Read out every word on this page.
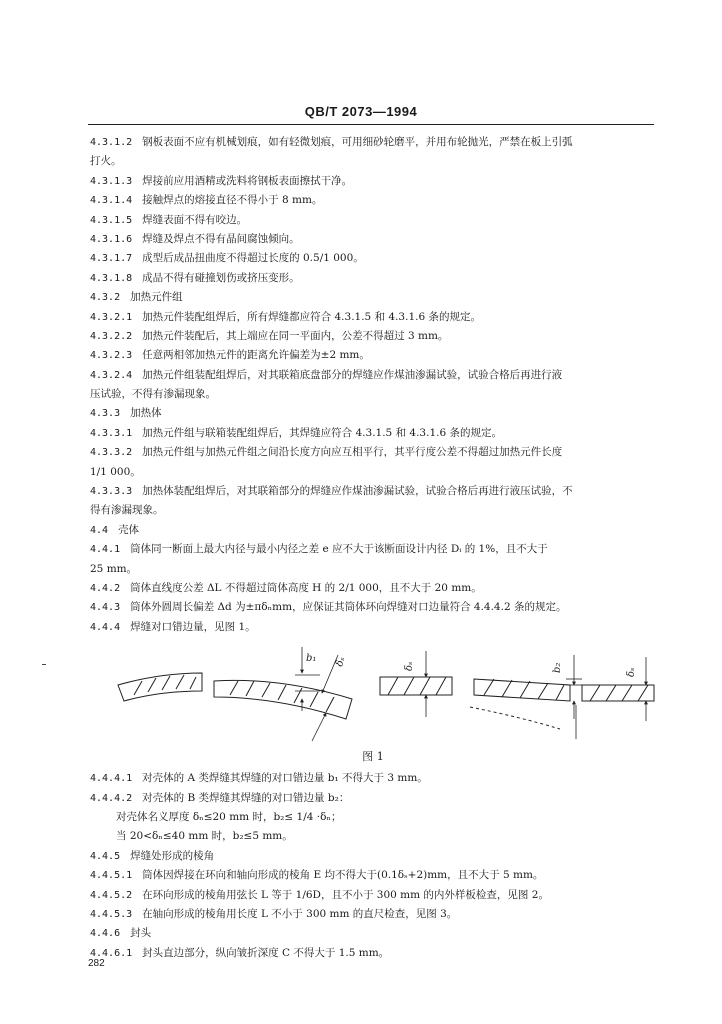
QB/T 2073—1994
4.3.1.2 钢板表面不应有机械划痕，如有轻微划痕，可用细砂轮磨平，并用布轮抛光，严禁在板上引弧
打火。
4.3.1.3 焊接前应用酒精或洗料将钢板表面擦拭干净。
4.3.1.4 接触焊点的熔接直径不得小于 8 mm。
4.3.1.5 焊缝表面不得有咬边。
4.3.1.6 焊缝及焊点不得有晶间腐蚀倾向。
4.3.1.7 成型后成品扭曲度不得超过长度的 0.5/1 000。
4.3.1.8 成品不得有碰撞划伤或挤压变形。
4.3.2 加热元件组
4.3.2.1 加热元件装配组焊后，所有焊缝都应符合 4.3.1.5 和 4.3.1.6 条的规定。
4.3.2.2 加热元件装配后，其上端应在同一平面内，公差不得超过 3 mm。
4.3.2.3 任意两相邻加热元件的距离允许偏差为±2 mm。
4.3.2.4 加热元件组装配组焊后，对其联箱底盘部分的焊缝应作煤油渗漏试验，试验合格后再进行液
压试验，不得有渗漏现象。
4.3.3 加热体
4.3.3.1 加热元件组与联箱装配组焊后，其焊缝应符合 4.3.1.5 和 4.3.1.6 条的规定。
4.3.3.2 加热元件组与加热元件组之间沿长度方向应互相平行，其平行度公差不得超过加热元件长度
1/1 000。
4.3.3.3 加热体装配组焊后，对其联箱部分的焊缝应作煤油渗漏试验，试验合格后再进行液压试验，不
得有渗漏现象。
4.4 壳体
4.4.1 筒体同一断面上最大内径与最小内径之差 e 应不大于该断面设计内径 Dᵢ 的 1%，且不大于
25 mm。
4.4.2 筒体直线度公差 ΔL 不得超过筒体高度 H 的 2/1 000，且不大于 20 mm。
4.4.3 筒体外圆周长偏差 Δd 为±πδₙmm，应保证其筒体环向焊缝对口边量符合 4.4.4.2 条的规定。
4.4.4 焊缝对口错边量，见图 1。
b₁ δₛ	δₛ	b₂	δₛ
图 1
4.4.4.1 对壳体的 A 类焊缝其焊缝的对口错边量 b₁ 不得大于 3 mm。
4.4.4.2 对壳体的 B 类焊缝其焊缝的对口错边量 b₂：
对壳体名义厚度 δₙ≤20 mm 时，b₂≤ 1/4 ·δₙ；
当 20<δₙ≤40 mm 时，b₂≤5 mm。
4.4.5 焊缝处形成的棱角
4.4.5.1 筒体因焊接在环向和轴向形成的棱角 E 均不得大于(0.1δₛ+2)mm，且不大于 5 mm。
4.4.5.2 在环向形成的棱角用弦长 L 等于 1/6D，且不小于 300 mm 的内外样板检查，见图 2。
4.4.5.3 在轴向形成的棱角用长度 L 不小于 300 mm 的直尺检查，见图 3。
4.4.6 封头
4.4.6.1 封头直边部分，纵向皱折深度 C 不得大于 1.5 mm。
282
